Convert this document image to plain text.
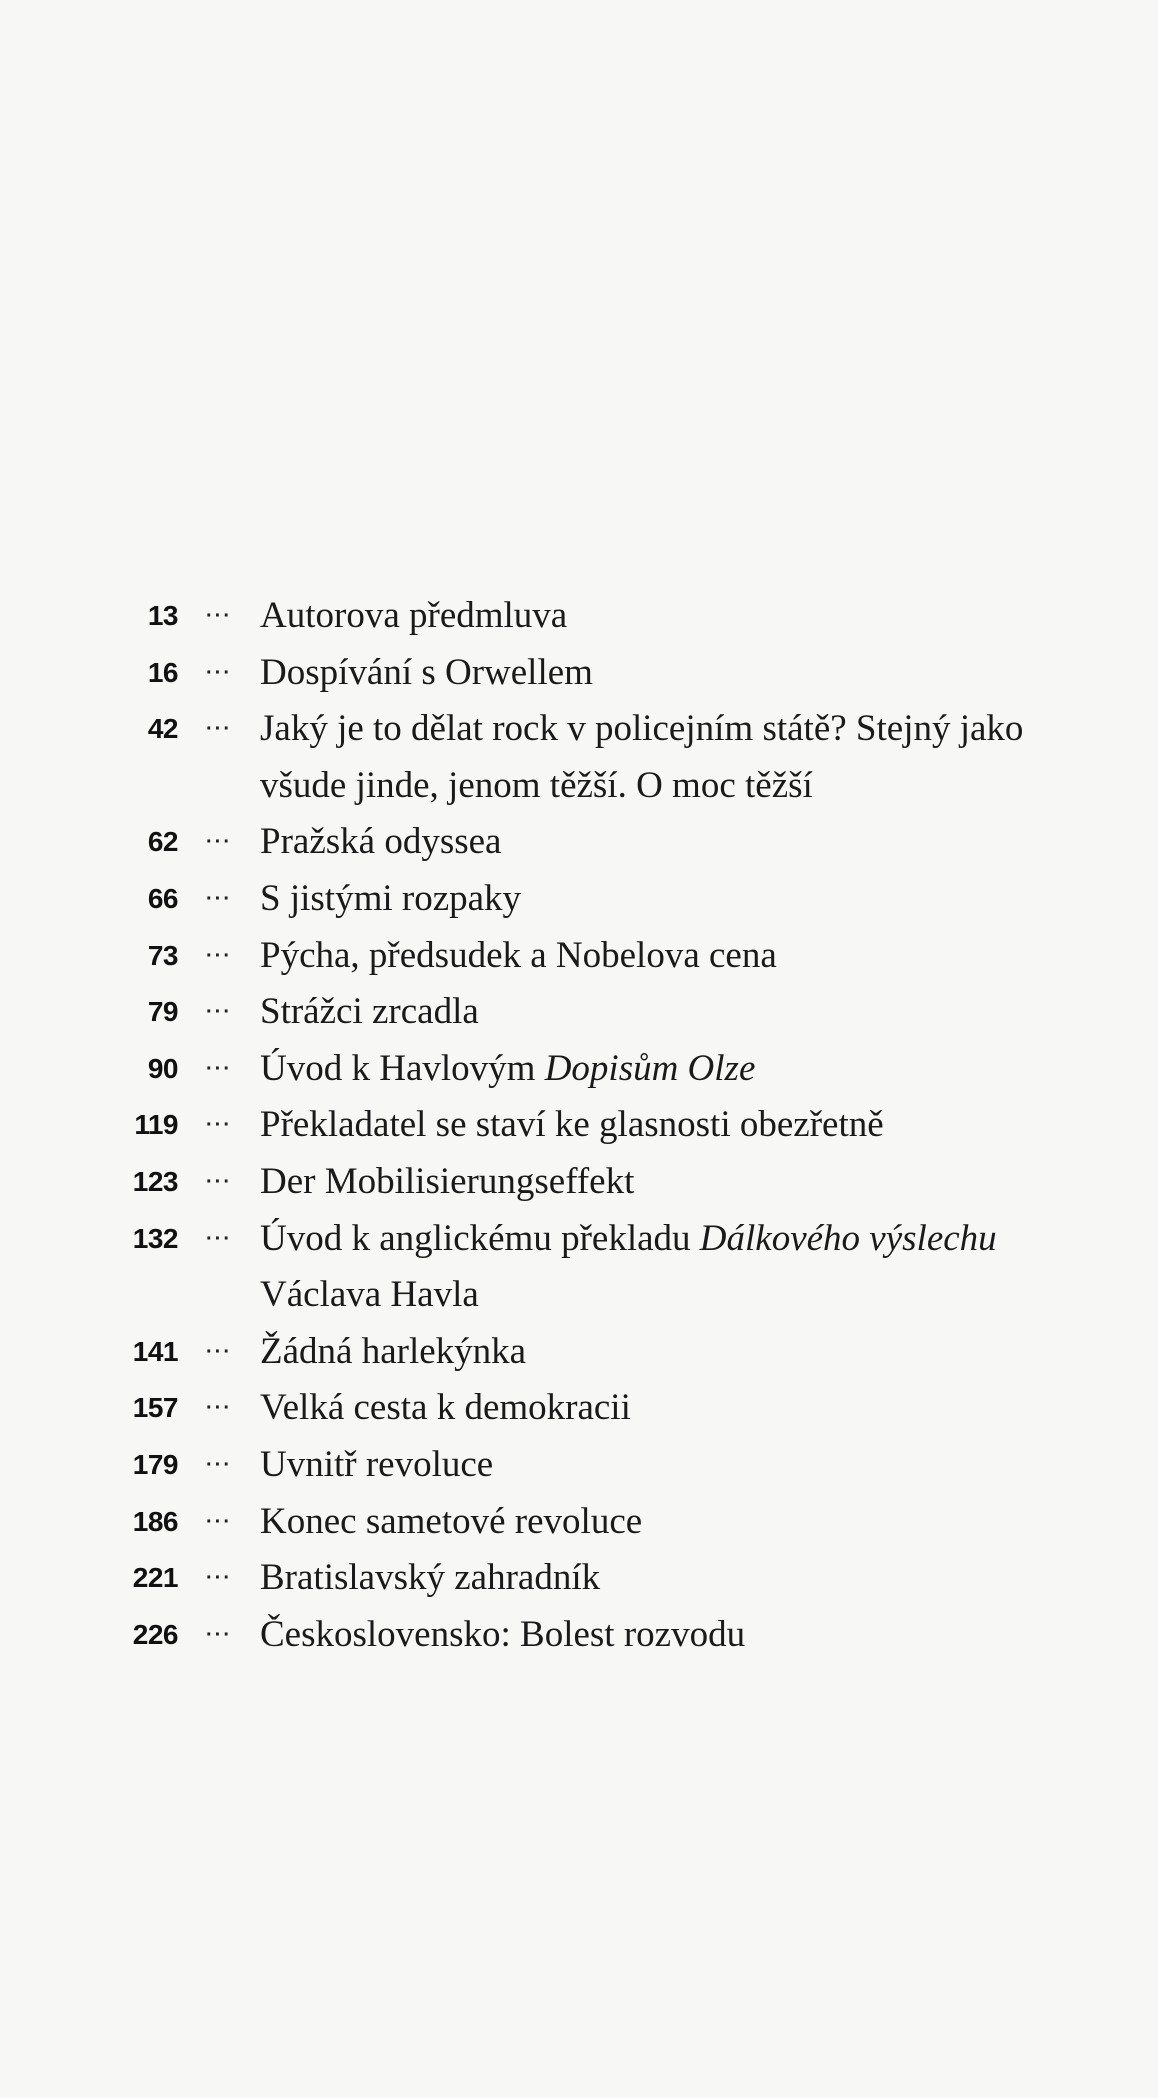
13	··· Autorova předmluva
16	··· Dospívání s Orwellem
42	··· Jaký je to dělat rock v policejním státě? Stejný jako všude jinde, jenom těžší. O moc těžší
62	··· Pražská odyssea
66	··· S jistými rozpaky
73	··· Pýcha, předsudek a Nobelova cena
79	··· Strážci zrcadla
90	··· Úvod k Havlovým Dopisům Olze
119	··· Překladatel se staví ke glasnosti obezřetně
123	··· Der Mobilisierungseffekt
132	··· Úvod k anglickému překladu Dálkového výslechu Václava Havla
141	··· Žádná harlekýnka
157	··· Velká cesta k demokracii
179	··· Uvnitř revoluce
186	··· Konec sametové revoluce
221	··· Bratislavský zahradník
226	··· Československo: Bolest rozvodu
